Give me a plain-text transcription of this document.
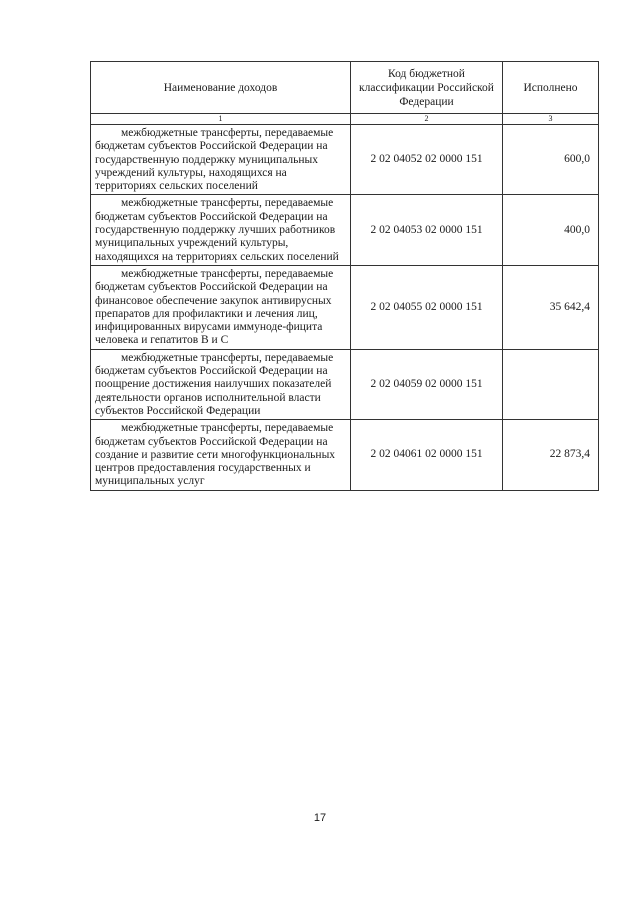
Наименование доходов	Код бюджетной классификации Российской Федерации	Исполнено
1	2	3
межбюджетные трансферты, передаваемые бюджетам субъектов Российской Федерации на государственную поддержку муниципальных учреждений культуры, находящихся на территориях сельских поселений	2 02 04052 02 0000 151	600,0
межбюджетные трансферты, передаваемые бюджетам субъектов Российской Федерации на государственную поддержку лучших работников муниципальных учреждений культуры, находящихся на территориях сельских поселений	2 02 04053 02 0000 151	400,0
межбюджетные трансферты, передаваемые бюджетам субъектов Российской Федерации на финансовое обеспечение закупок антивирусных препаратов для профилактики и лечения лиц, инфицированных вирусами иммуноде-фицита человека и гепатитов B и C	2 02 04055 02 0000 151	35 642,4
межбюджетные трансферты, передаваемые бюджетам субъектов Российской Федерации на поощрение достижения наилучших показателей деятельности органов исполнительной власти субъектов Российской Федерации	2 02 04059 02 0000 151	
межбюджетные трансферты, передаваемые бюджетам субъектов Российской Федерации на создание и развитие сети многофункциональных центров предоставления государственных и муниципальных услуг	2 02 04061 02 0000 151	22 873,4
17
